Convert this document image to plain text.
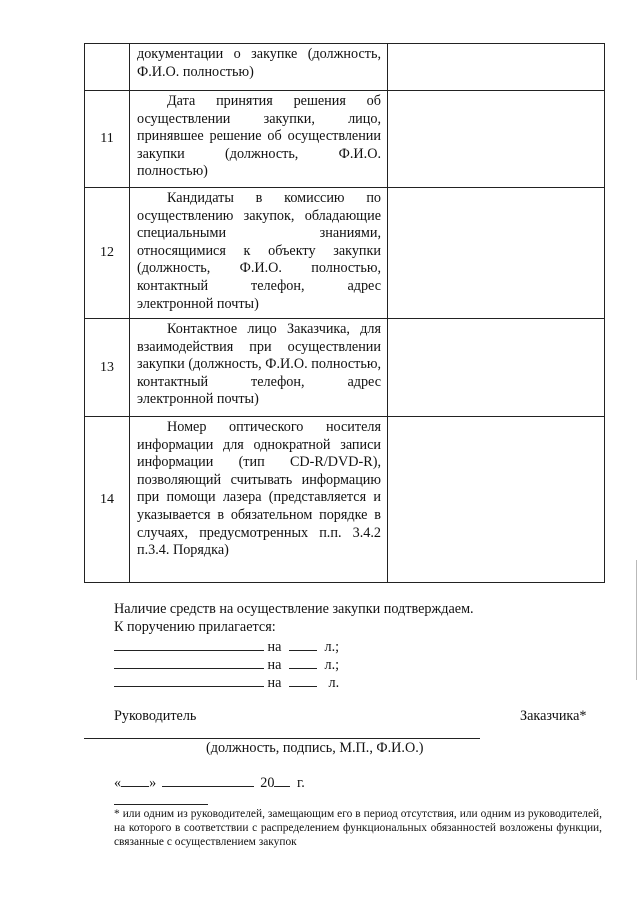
	документации о закупке (должность, Ф.И.О. полностью)	
11	Дата принятия решения об осуществлении закупки, лицо, принявшее решение об осуществлении закупки (должность, Ф.И.О. полностью)	
12	Кандидаты в комиссию по осуществлению закупок, обладающие специальными знаниями, относящимися к объекту закупки (должность, Ф.И.О. полностью, контактный телефон, адрес электронной почты)	
13	Контактное лицо Заказчика, для взаимодействия при осуществлении закупки (должность, Ф.И.О. полностью, контактный телефон, адрес электронной почты)	
14	Номер оптического носителя информации для однократной записи информации (тип CD-R/DVD-R), позволяющий считывать информацию при помощи лазера (представляется и указывается в обязательном порядке в случаях, предусмотренных п.п. 3.4.2 п.3.4. Порядка)	
Наличие средств на осуществление закупки подтверждаем.
К поручению прилагается:
на	л.;
на	л.;
на	л.
Руководитель	Заказчика*
(должность, подпись, М.П., Ф.И.О.)
« »	20 г.
* или одним из руководителей, замещающим его в период отсутствия, или одним из руководителей, на которого в соответствии с распределением функциональных обязанностей возложены функции, связанные с осуществлением закупок
